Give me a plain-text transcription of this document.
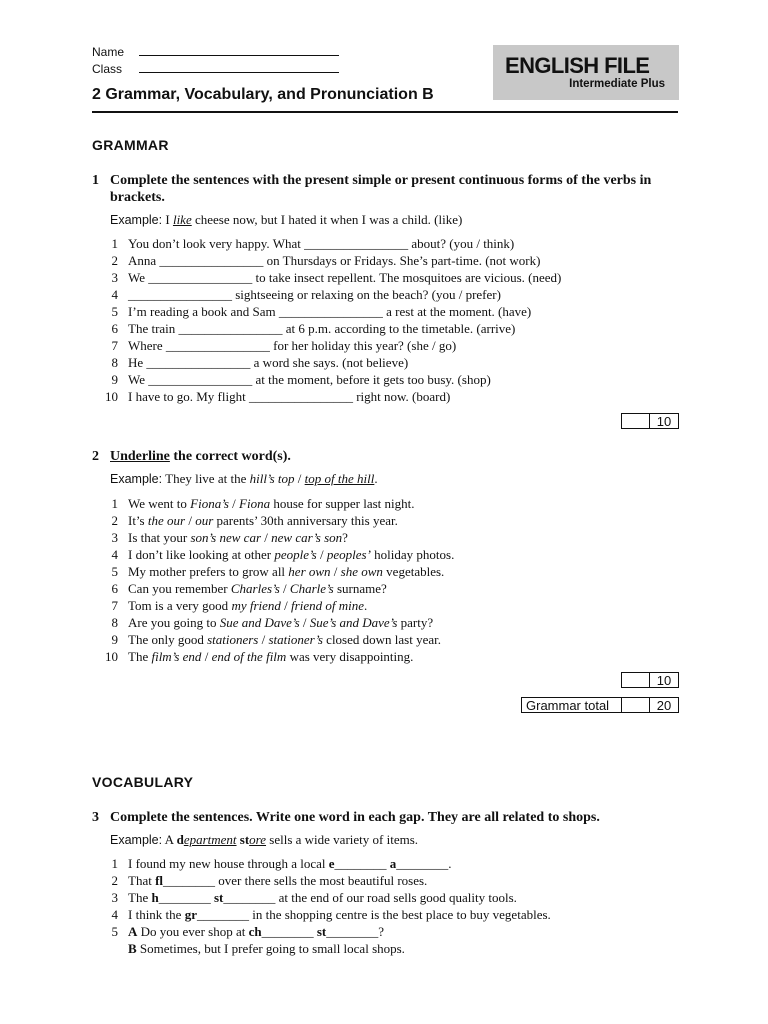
Name
Class	ENGLISH FILE
Intermediate Plus
2 Grammar, Vocabulary, and Pronunciation B
GRAMMAR
1 Complete the sentences with the present simple or present continuous forms of the verbs in brackets.
Example: I like cheese now, but I hated it when I was a child. (like)
1 You don’t look very happy. What ________________ about? (you / think)
2 Anna ________________ on Thursdays or Fridays. She’s part-time. (not work)
3 We ________________ to take insect repellent. The mosquitoes are vicious. (need)
4 ________________ sightseeing or relaxing on the beach? (you / prefer)
5 I’m reading a book and Sam ________________ a rest at the moment. (have)
6 The train ________________ at 6 p.m. according to the timetable. (arrive)
7 Where ________________ for her holiday this year? (she / go)
8 He ________________ a word she says. (not believe)
9 We ________________ at the moment, before it gets too busy. (shop)
10 I have to go. My flight ________________ right now. (board)
10
2 Underline the correct word(s).
Example: They live at the hill’s top / top of the hill.
1 We went to Fiona’s / Fiona house for supper last night.
2 It’s the our / our parents’ 30th anniversary this year.
3 Is that your son’s new car / new car’s son?
4 I don’t like looking at other people’s / peoples’ holiday photos.
5 My mother prefers to grow all her own / she own vegetables.
6 Can you remember Charles’s / Charle’s surname?
7 Tom is a very good my friend / friend of mine.
8 Are you going to Sue and Dave’s / Sue’s and Dave’s party?
9 The only good stationers / stationer’s closed down last year.
10 The film’s end / end of the film was very disappointing.
10
Grammar total	20
VOCABULARY
3 Complete the sentences. Write one word in each gap. They are all related to shops.
Example: A department store sells a wide variety of items.
1 I found my new house through a local e________ a________.
2 That fl________ over there sells the most beautiful roses.
3 The h________ st________ at the end of our road sells good quality tools.
4 I think the gr________ in the shopping centre is the best place to buy vegetables.
5 A Do you ever shop at ch________ st________?
B Sometimes, but I prefer going to small local shops.
